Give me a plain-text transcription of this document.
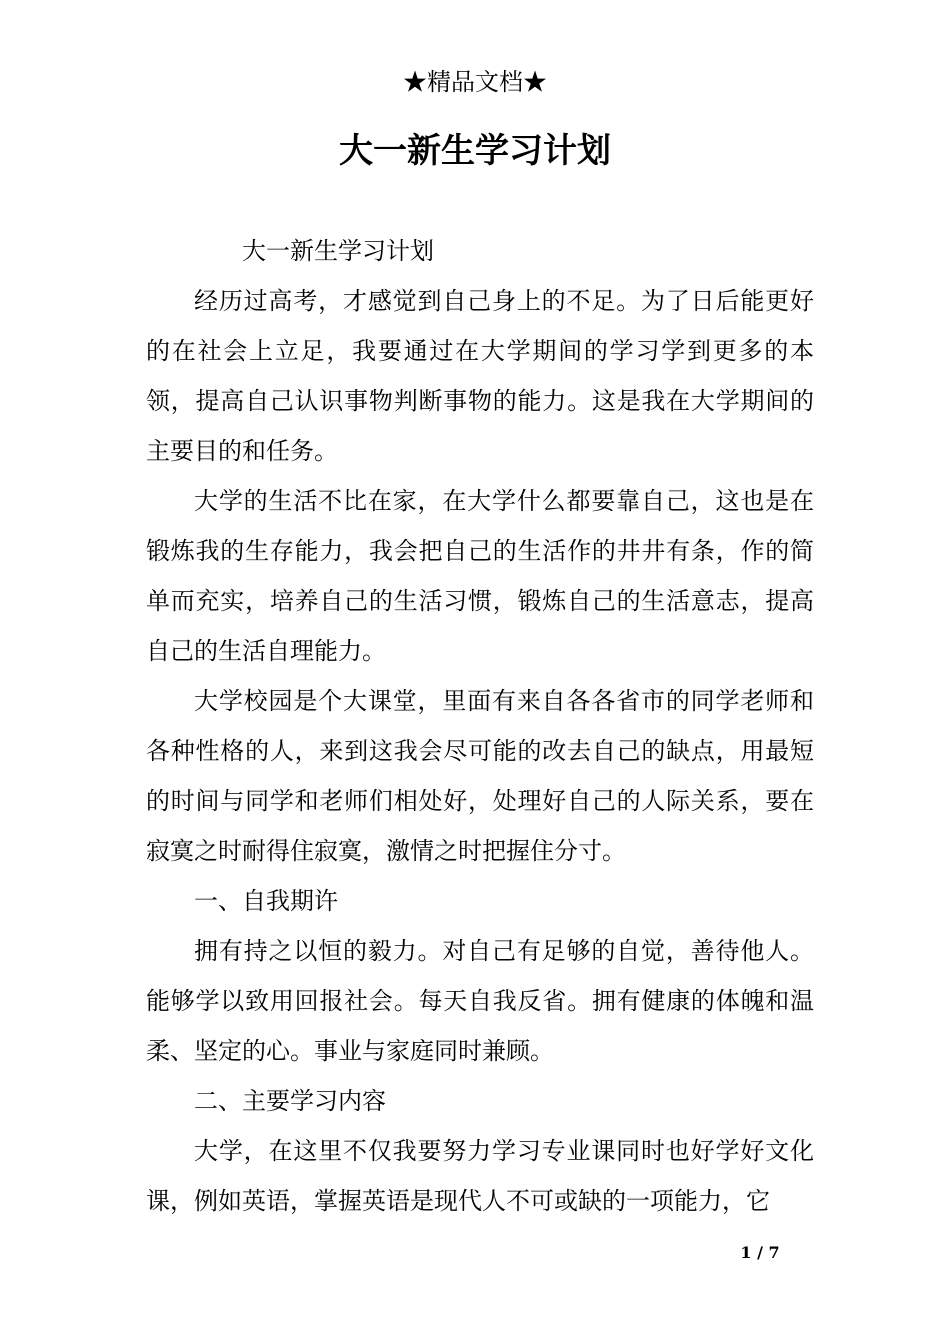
★精品文档★
大一新生学习计划

大一新生学习计划

经历过高考，才感觉到自己身上的不足。为了日后能更好的在社会上立足，我要通过在大学期间的学习学到更多的本领，提高自己认识事物判断事物的能力。这是我在大学期间的主要目的和任务。

大学的生活不比在家，在大学什么都要靠自己，这也是在锻炼我的生存能力，我会把自己的生活作的井井有条，作的简单而充实，培养自己的生活习惯，锻炼自己的生活意志，提高自己的生活自理能力。

大学校园是个大课堂，里面有来自各各省市的同学老师和各种性格的人，来到这我会尽可能的改去自己的缺点，用最短的时间与同学和老师们相处好，处理好自己的人际关系，要在寂寞之时耐得住寂寞，激情之时把握住分寸。

一、自我期许

拥有持之以恒的毅力。对自己有足够的自觉，善待他人。能够学以致用回报社会。每天自我反省。拥有健康的体魄和温柔、坚定的心。事业与家庭同时兼顾。

二、主要学习内容

大学，在这里不仅我要努力学习专业课同时也好学好文化课，例如英语，掌握英语是现代人不可或缺的一项能力，它

1 / 7
